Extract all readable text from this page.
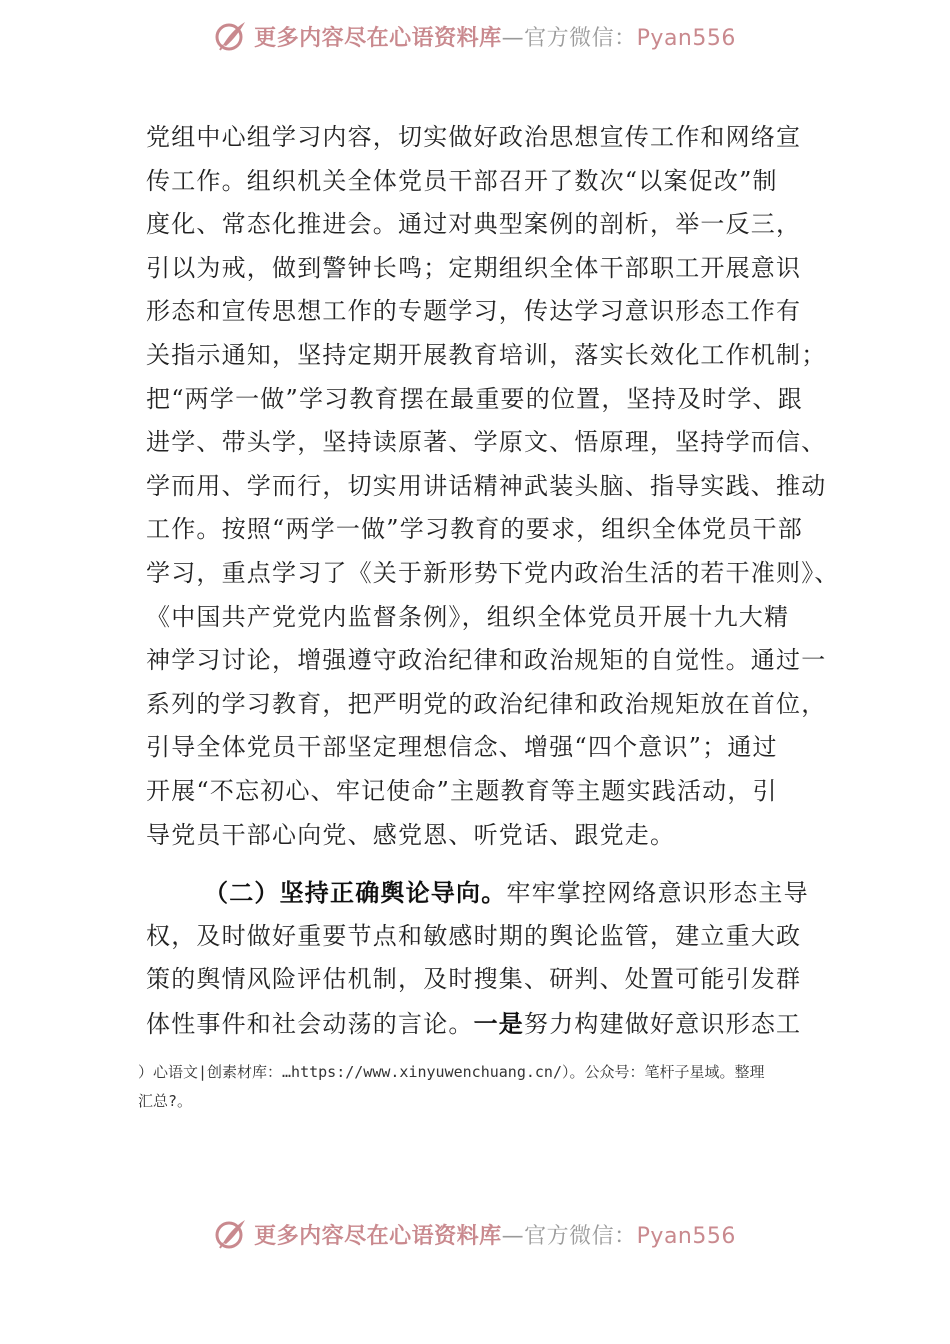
更多内容尽在心语资料库—官方微信：Pyan556
党组中心组学习内容，切实做好政治思想宣传工作和网络宣
传工作。组织机关全体党员干部召开了数次“以案促改”制
度化、常态化推进会。通过对典型案例的剖析，举一反三，
引以为戒，做到警钟长鸣；定期组织全体干部职工开展意识
形态和宣传思想工作的专题学习，传达学习意识形态工作有
关指示通知，坚持定期开展教育培训，落实长效化工作机制；
把“两学一做”学习教育摆在最重要的位置，坚持及时学、跟
进学、带头学，坚持读原著、学原文、悟原理，坚持学而信、
学而用、学而行，切实用讲话精神武装头脑、指导实践、推动
工作。按照“两学一做”学习教育的要求，组织全体党员干部
学习，重点学习了《关于新形势下党内政治生活的若干准则》、
《中国共产党党内监督条例》，组织全体党员开展十九大精
神学习讨论，增强遵守政治纪律和政治规矩的自觉性。通过一
系列的学习教育，把严明党的政治纪律和政治规矩放在首位，
引导全体党员干部坚定理想信念、增强“四个意识”；通过
开展“不忘初心、牢记使命”主题教育等主题实践活动，引
导党员干部心向党、感党恩、听党话、跟党走。
（二）坚持正确舆论导向。牢牢掌控网络意识形态主导
权，及时做好重要节点和敏感时期的舆论监管，建立重大政
策的舆情风险评估机制，及时搜集、研判、处置可能引发群
体性事件和社会动荡的言论。一是努力构建做好意识形态工
）心语文|创素材库：…https://www.xinyuwenchuang.cn/）。公众号：笔杆子星域。整理
汇总?。
更多内容尽在心语资料库—官方微信：Pyan556
